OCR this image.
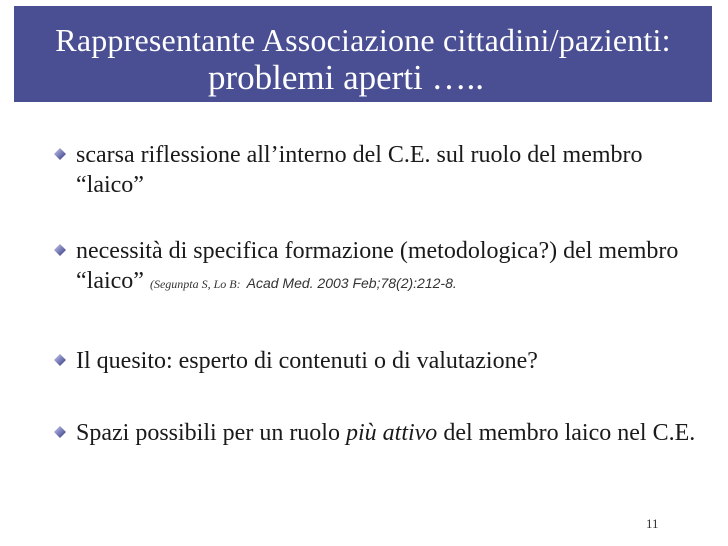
Rappresentante Associazione cittadini/pazienti:
problemi aperti …..
scarsa riflessione all’interno del C.E. sul ruolo del membro “laico”
necessità di specifica formazione (metodologica?) del membro “laico” (Segunpta S, Lo B: Acad Med. 2003 Feb;78(2):212-8.
Il quesito: esperto di contenuti o di valutazione?
Spazi possibili per un ruolo più attivo del membro laico nel C.E.
11
